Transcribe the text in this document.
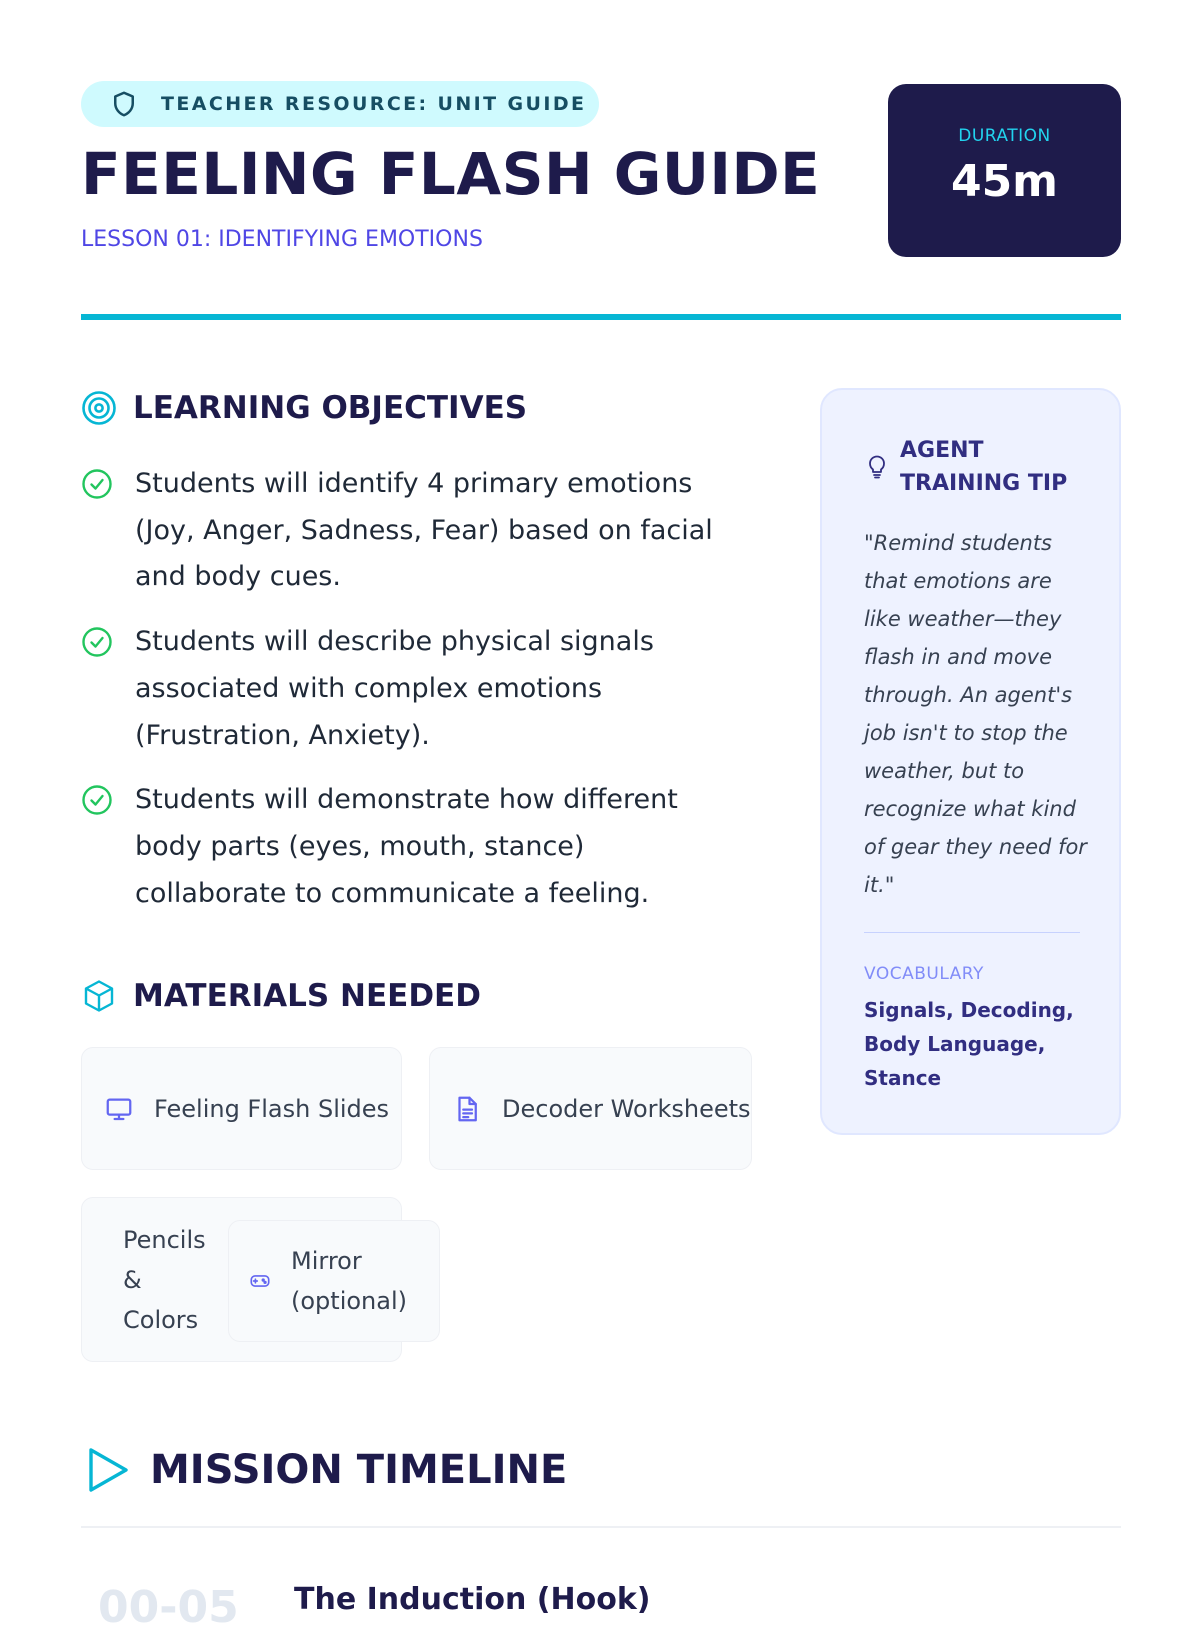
TEACHER RESOURCE: UNIT GUIDE
FEELING FLASH GUIDE
LESSON 01: IDENTIFYING EMOTIONS
DURATION
45m
LEARNING OBJECTIVES
Students will identify 4 primary emotions (Joy, Anger, Sadness, Fear) based on facial and body cues.
Students will describe physical signals associated with complex emotions (Frustration, Anxiety).
Students will demonstrate how different body parts (eyes, mouth, stance) collaborate to communicate a feeling.
MATERIALS NEEDED
Feeling Flash Slides	Decoder Worksheets
Pencils & Colors
Mirror (optional)
AGENT TRAINING TIP
"Remind students that emotions are like weather—they flash in and move through. An agent's job isn't to stop the weather, but to recognize what kind of gear they need for it."
VOCABULARY
Signals, Decoding, Body Language, Stance
MISSION TIMELINE
00-05 The Induction (Hook)
